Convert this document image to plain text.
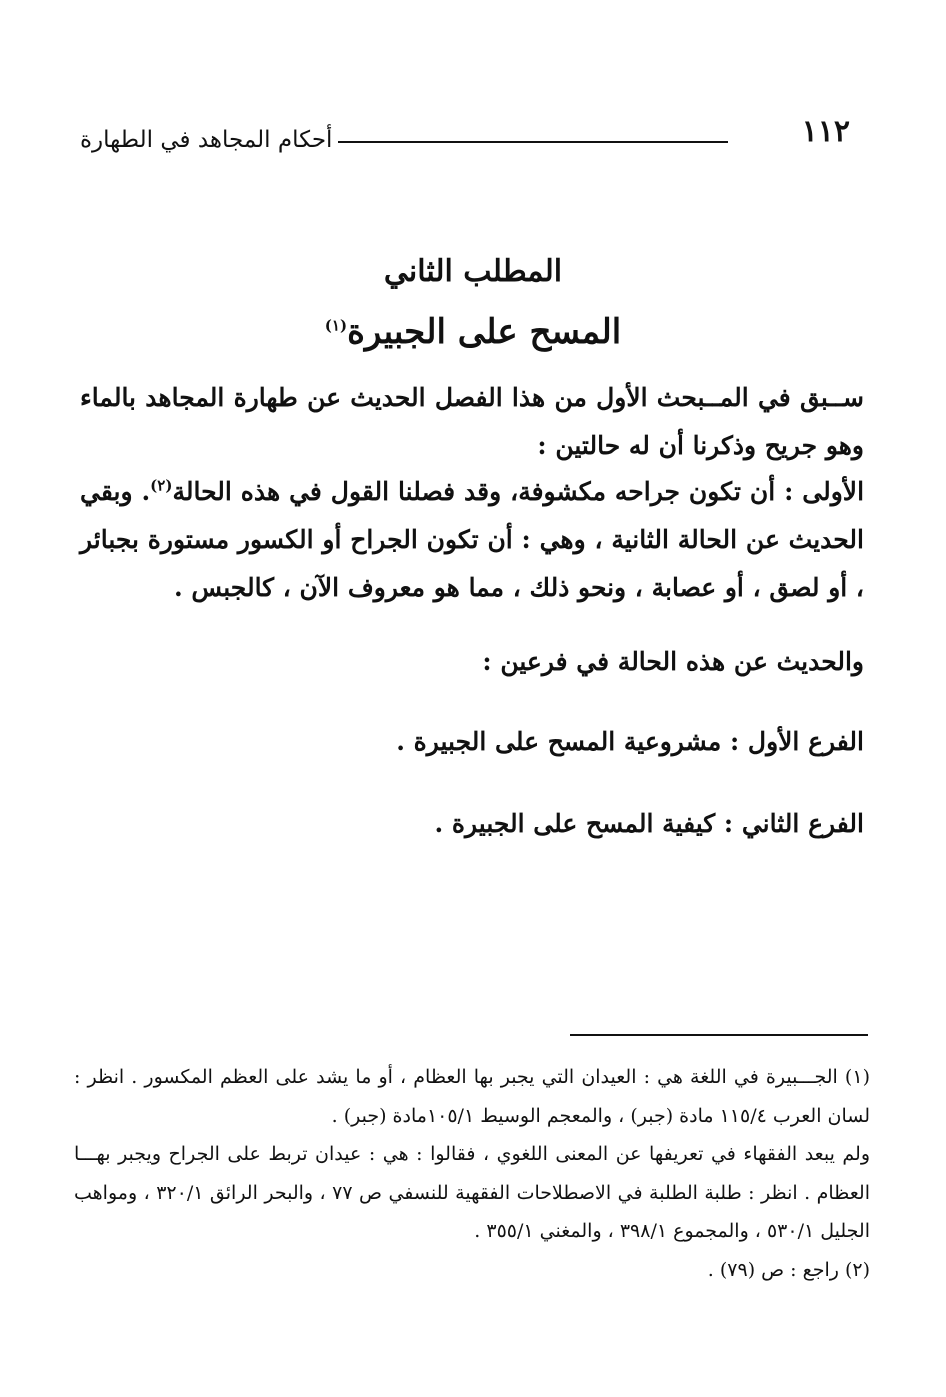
١١٢
أحكام المجاهد في الطهارة
المطلب الثاني
المسح على الجبيرة$^{(١)}$
ســبق في المــبحث الأول من هذا الفصل الحديث عن طهارة المجاهد بالماء وهو جريح وذكرنا أن له حالتين :
الأولى : أن تكون جراحه مكشوفة، وقد فصلنا القول في هذه الحالة$^{(٢)}$. وبقي الحديث عن الحالة الثانية ، وهي : أن تكون الجراح أو الكسور مستورة بجبائر ، أو لصق ، أو عصابة ، ونحو ذلك ، مما هو معروف الآن ، كالجبس .
والحديث عن هذه الحالة في فرعين :
الفرع الأول : مشروعية المسح على الجبيرة .
الفرع الثاني : كيفية المسح على الجبيرة .

(١) الجـــبيرة في اللغة هي : العيدان التي يجبر بها العظام ، أو ما يشد على العظم المكسور . انظر : لسان العرب ١١٥/٤ مادة (جبر) ، والمعجم الوسيط ١٠٥/١مادة (جبر) .

ولم يبعد الفقهاء في تعريفها عن المعنى اللغوي ، فقالوا : هي : عيدان تربط على الجراح ويجبر بهـــا العظام . انظر : طلبة الطلبة في الاصطلاحات الفقهية للنسفي ص ٧٧ ، والبحر الرائق ٣٢٠/١ ، ومواهب الجليل ٥٣٠/١ ، والمجموع ٣٩٨/١ ، والمغني ٣٥٥/١ .

(٢) راجع : ص (٧٩) .
